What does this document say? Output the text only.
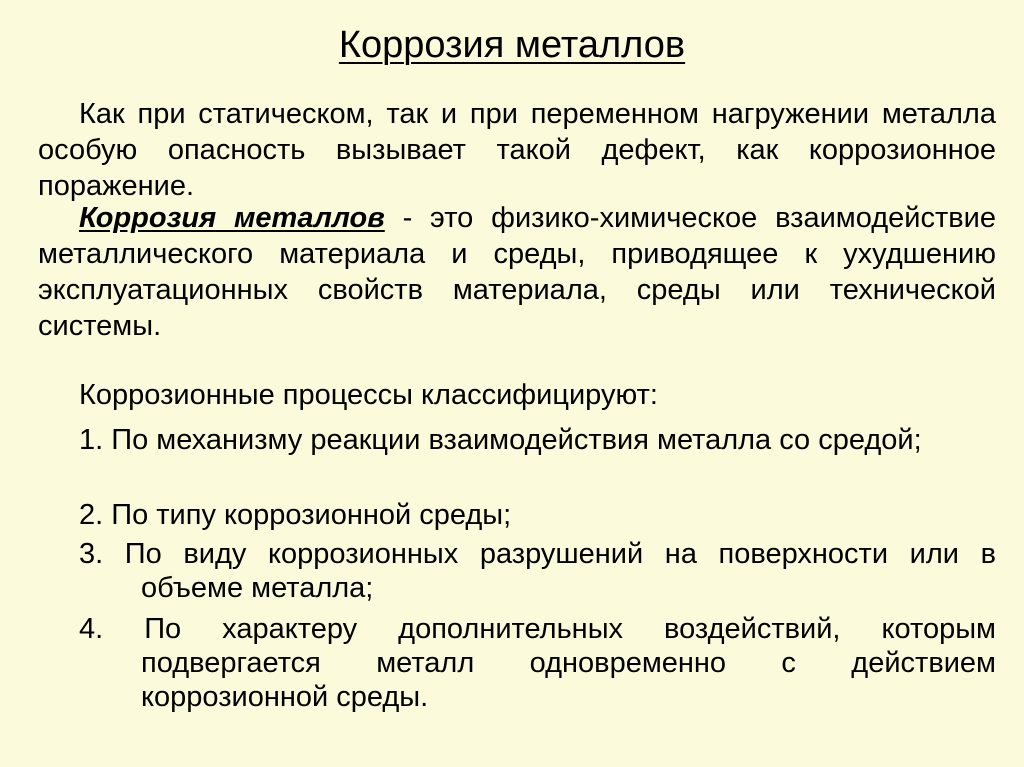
Коррозия металлов

Как при статическом, так и при переменном нагружении металла особую опасность вызывает такой дефект, как коррозионное поражение.

Коррозия металлов - это физико-химическое взаимодействие металлического материала и среды, приводящее к ухудшению эксплуатационных свойств материала, среды или технической системы.

Коррозионные процессы классифицируют:

1. По механизму реакции взаимодействия металла со средой;

2. По типу коррозионной среды;

3. По виду коррозионных разрушений на поверхности или в объеме металла;

4. По характеру дополнительных воздействий, которым подвергается металл одновременно с действием коррозионной среды.
